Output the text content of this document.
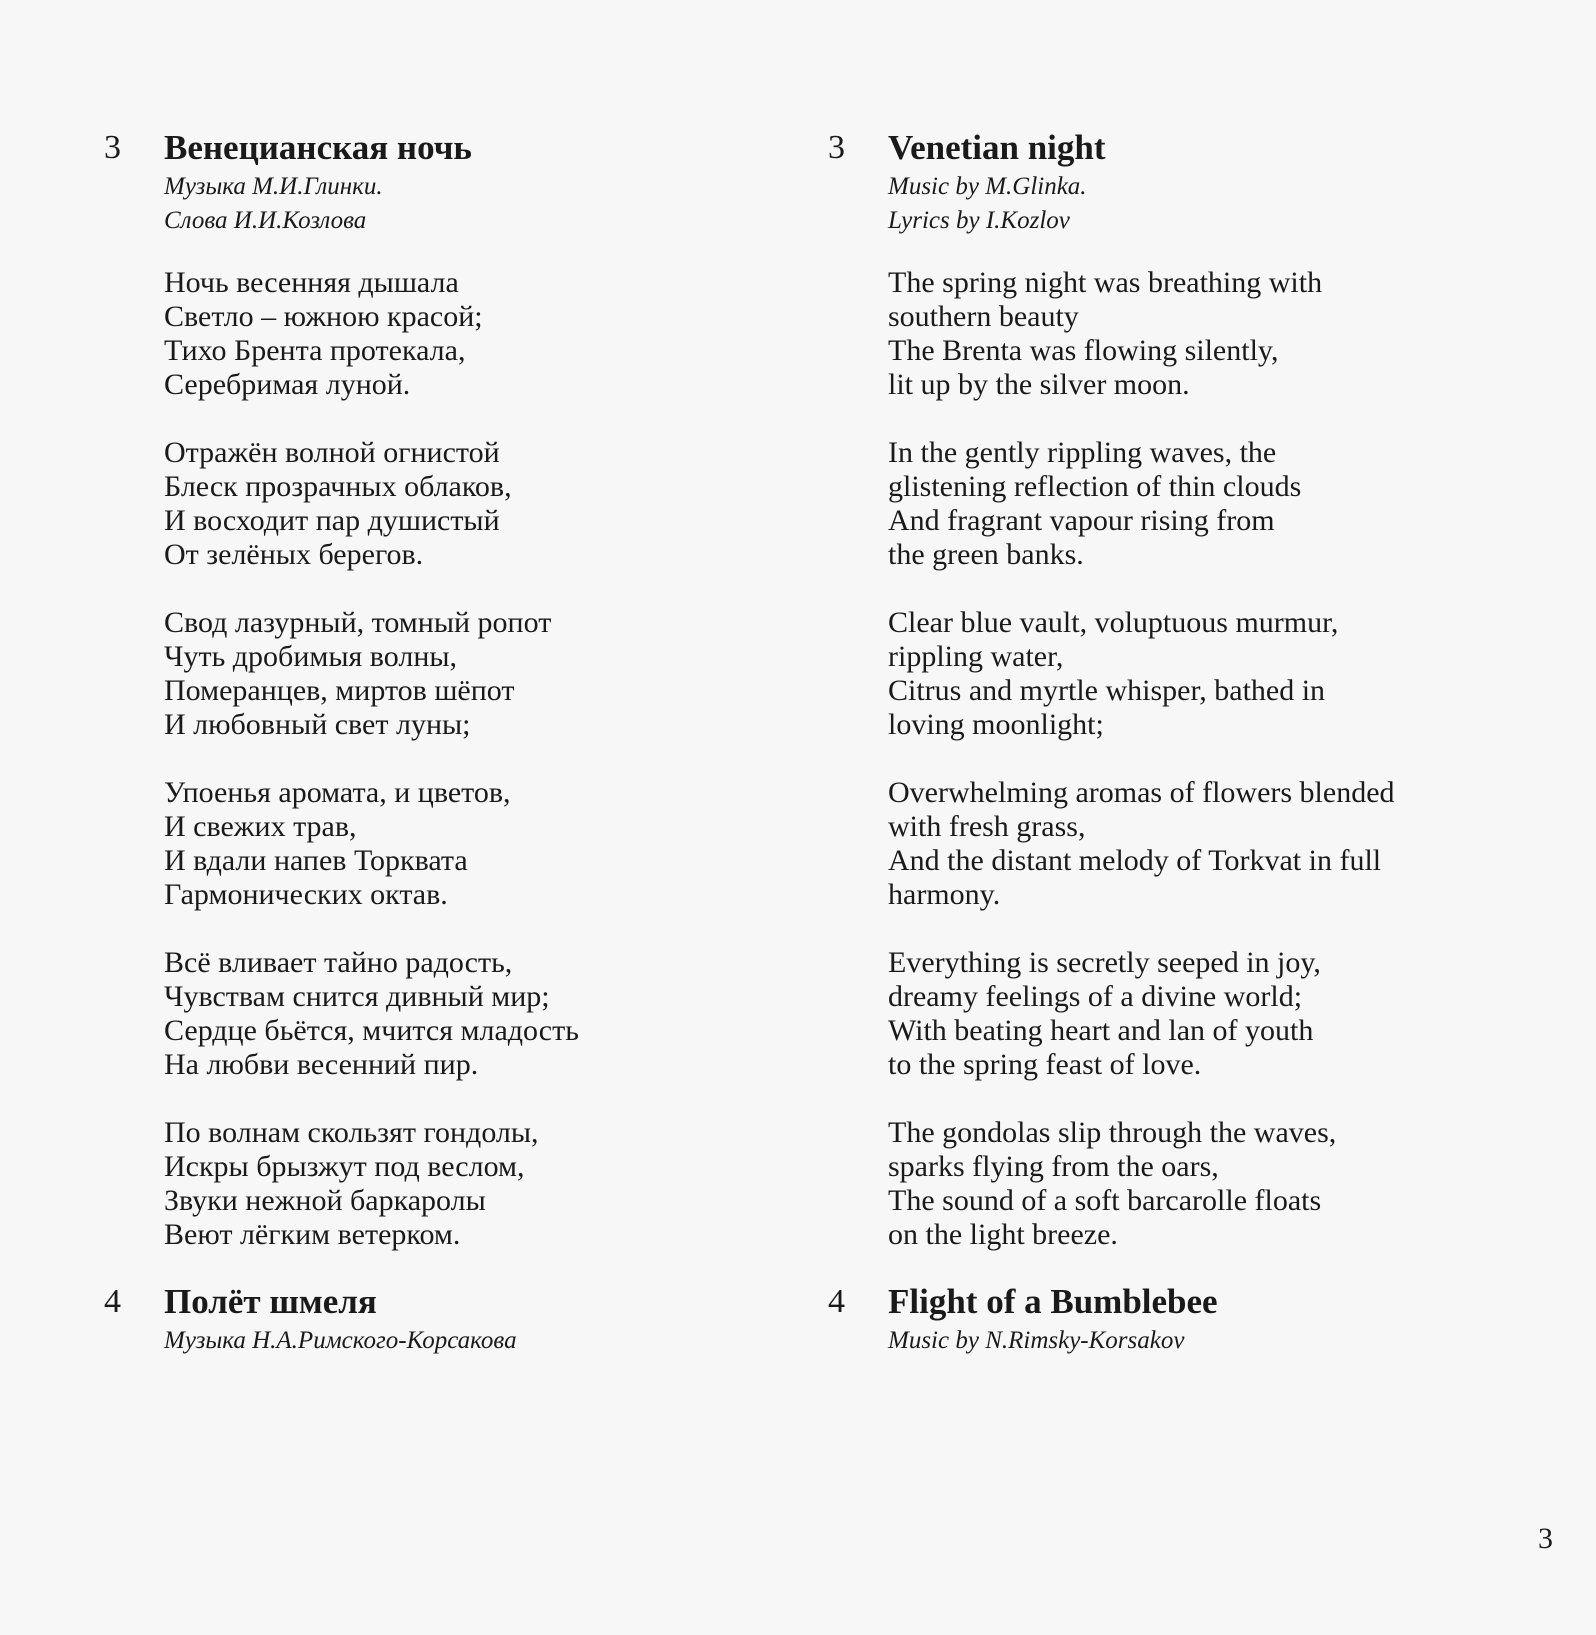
3 Венецианская ночь

Музыка М.И.Глинки.

Слова И.И.Козлова

Ночь весенняя дышала

Светло – южною красой;

Тихо Брента протекала,

Серебримая луной.

Отражён волной огнистой

Блеск прозрачных облаков,

И восходит пар душистый

От зелёных берегов.

Свод лазурный, томный ропот

Чуть дробимыя волны,

Померанцев, миртов шёпот

И любовный свет луны;

Упоенья аромата, и цветов,

И свежих трав,

И вдали напев Торквата

Гармонических октав.

Всё вливает тайно радость,

Чувствам снится дивный мир;

Сердце бьётся, мчится младость

На любви весенний пир.

По волнам скользят гондолы,

Искры брызжут под веслом,

Звуки нежной баркаролы

Веют лёгким ветерком.

4 Полёт шмеля

Музыка Н.А.Римского-Корсакова

3 Venetian night

Music by M.Glinka.

Lyrics by I.Kozlov

The spring night was breathing with

southern beauty

The Brenta was flowing silently,

lit up by the silver moon.

In the gently rippling waves, the

glistening reflection of thin clouds

And fragrant vapour rising from

the green banks.

Clear blue vault, voluptuous murmur,

rippling water,

Citrus and myrtle whisper, bathed in

loving moonlight;

Overwhelming aromas of flowers blended

with fresh grass,

And the distant melody of Torkvat in full

harmony.

Everything is secretly seeped in joy,

dreamy feelings of a divine world;

With beating heart and lan of youth

to the spring feast of love.

The gondolas slip through the waves,

sparks flying from the oars,

The sound of a soft barcarolle floats

on the light breeze.

4 Flight of a Bumblebee

Music by N.Rimsky-Korsakov

3
